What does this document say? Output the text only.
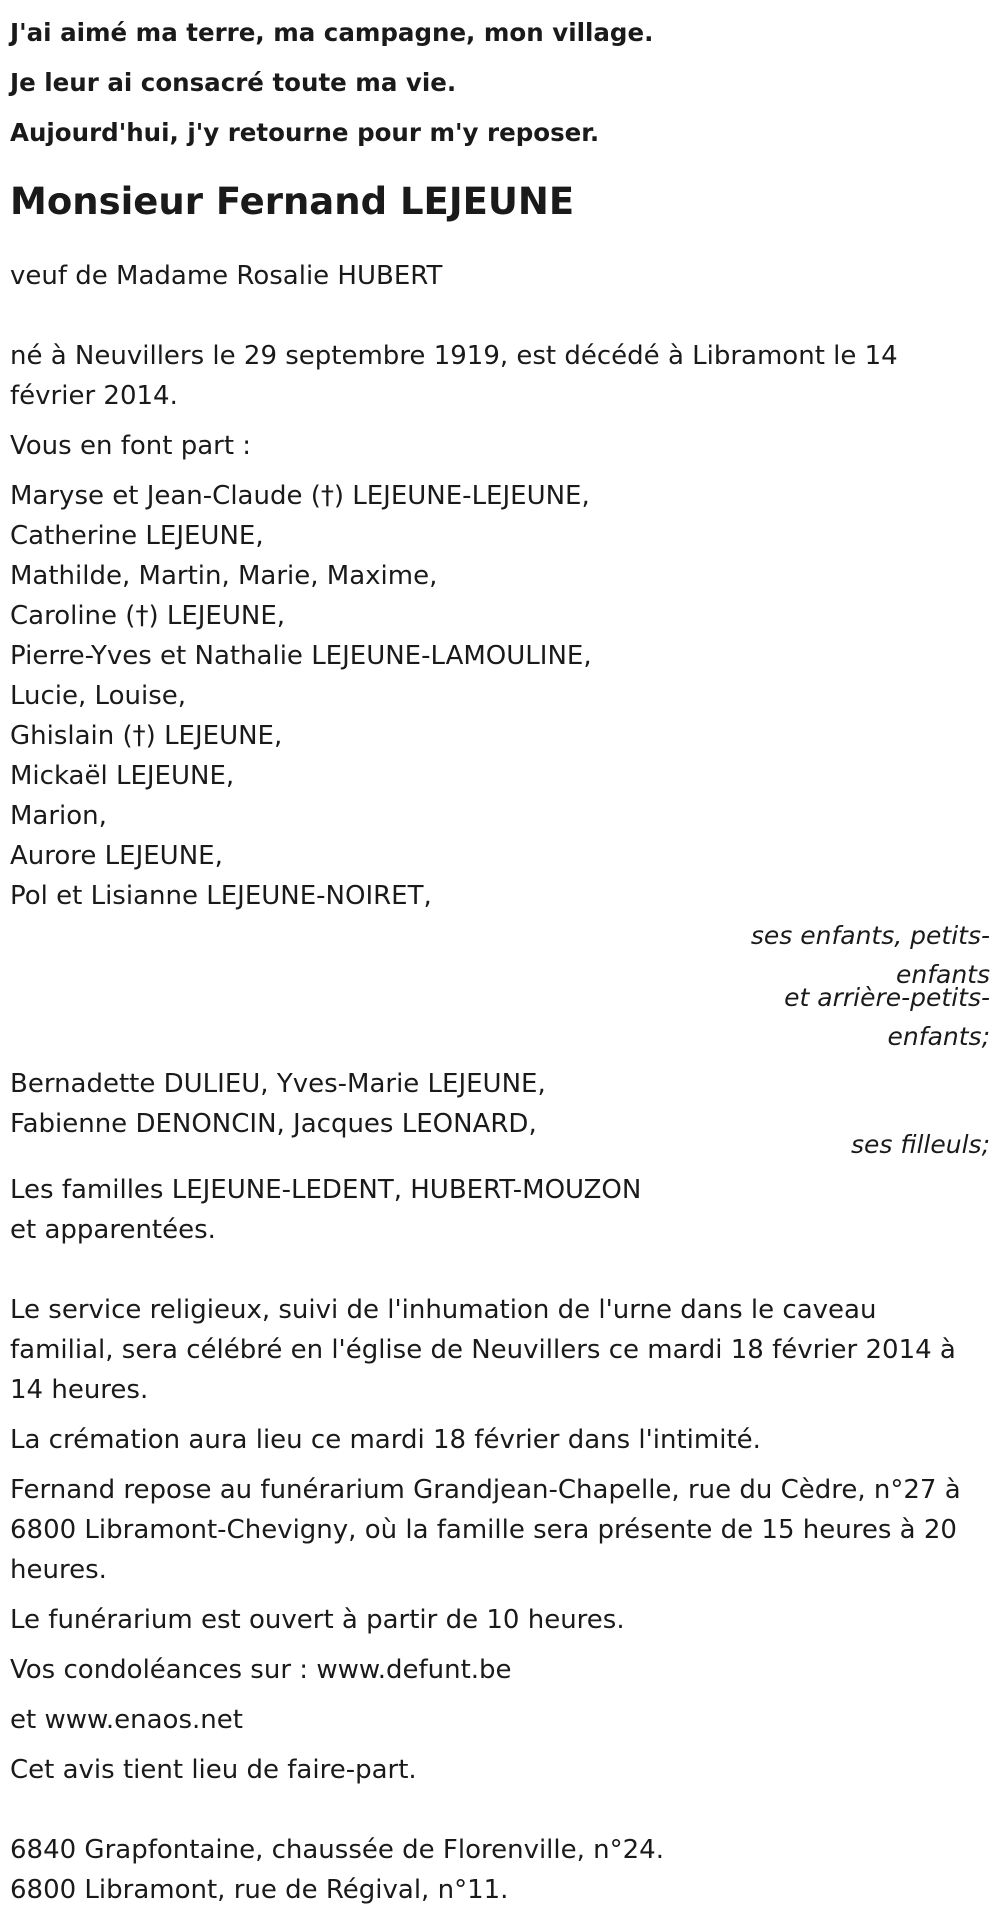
J'ai aimé ma terre, ma campagne, mon village.

Je leur ai consacré toute ma vie.

Aujourd'hui, j'y retourne pour m'y reposer.

Monsieur Fernand LEJEUNE

veuf de Madame Rosalie HUBERT

né à Neuvillers le 29 septembre 1919, est décédé à Libramont le 14 février 2014.

Vous en font part :

Maryse et Jean-Claude (†) LEJEUNE-LEJEUNE,

Catherine LEJEUNE,

Mathilde, Martin, Marie, Maxime,

Caroline (†) LEJEUNE,

Pierre-Yves et Nathalie LEJEUNE-LAMOULINE,

Lucie, Louise,

Ghislain (†) LEJEUNE,

Mickaël LEJEUNE,

Marion,

Aurore LEJEUNE,

Pol et Lisianne LEJEUNE-NOIRET,

ses enfants, petits-enfants

et arrière-petits-enfants;

Bernadette DULIEU, Yves-Marie LEJEUNE,

Fabienne DENONCIN, Jacques LEONARD,

ses filleuls;

Les familles LEJEUNE-LEDENT, HUBERT-MOUZON

et apparentées.

Le service religieux, suivi de l'inhumation de l'urne dans le caveau familial, sera célébré en l'église de Neuvillers ce mardi 18 février 2014 à 14 heures.

La crémation aura lieu ce mardi 18 février dans l'intimité.

Fernand repose au funérarium Grandjean-Chapelle, rue du Cèdre, n°27 à 6800 Libramont-Chevigny, où la famille sera présente de 15 heures à 20 heures.

Le funérarium est ouvert à partir de 10 heures.

Vos condoléances sur : www.defunt.be

et www.enaos.net

Cet avis tient lieu de faire-part.

6840 Grapfontaine, chaussée de Florenville, n°24.

6800 Libramont, rue de Régival, n°11.
